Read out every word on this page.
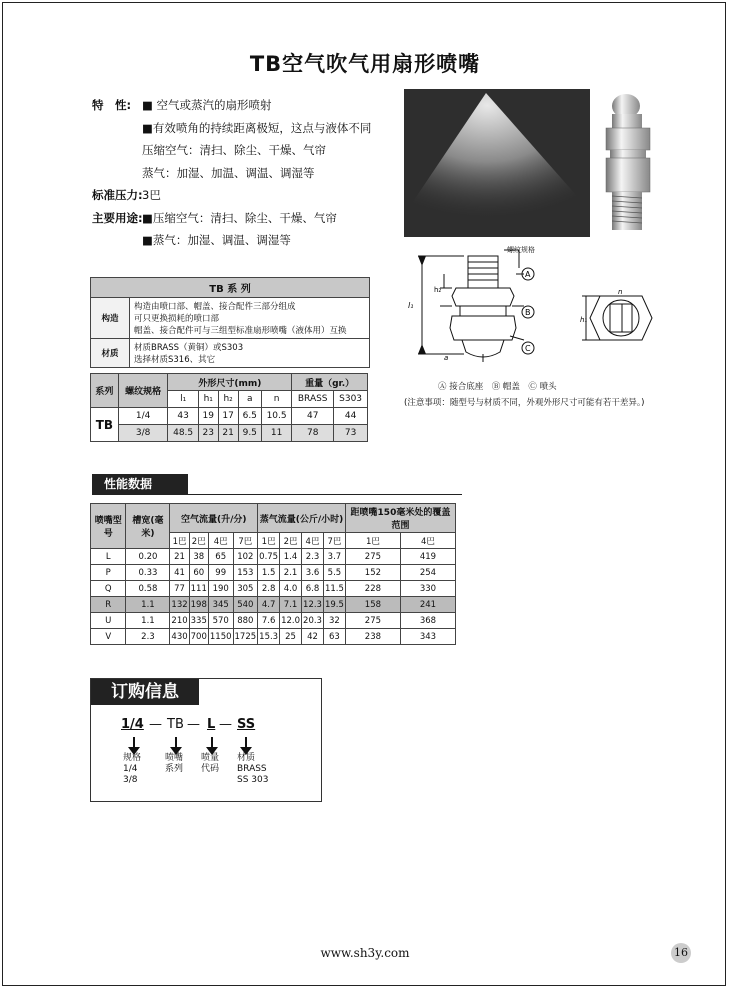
TB空气吹气用扇形喷嘴
特　性: ■ 空气或蒸汽的扇形喷射
■有效喷角的持续距离极短，这点与液体不同
压缩空气：清扫、除尘、干燥、气帘
蒸气：加湿、加温、调温、调湿等
标准压力:3巴
主要用途:■压缩空气：清扫、除尘、干燥、气帘
■蒸气：加湿、调温、调湿等
螺纹规格
A
B
C
l₁
h₂
a
h₁
n
Ⓐ 接合底座　Ⓑ 帽盖　Ⓒ 喷头
(注意事项：随型号与材质不同，外观外形尺寸可能有若干差异。)
TB 系 列	
构造	构造由喷口部、帽盖、接合配件三部分组成
可只更换损耗的喷口部
帽盖、接合配件可与三组型标准扇形喷嘴（液体用）互换

材质	材质BRASS（黄铜）或S303
选择材质S316、其它
系列	螺纹规格	外形尺寸(mm)					重量（gr.）	
		l₁	h₁	h₂	a	n	BRASS	S303
TB	1/4	43	19	17	6.5	10.5	47	44
	3/8	48.5	23	21	9.5	11	78	73
性能数据
喷嘴型号	槽宽(毫米)	空气流量(升/分)				蒸气流量(公斤/小时)				距喷嘴150毫米处的覆盖范围	
		1巴	2巴	4巴	7巴	1巴	2巴	4巴	7巴	1巴	4巴
L	0.20	21	38	65	102	0.75	1.4	2.3	3.7	275	419
P	0.33	41	60	99	153	1.5	2.1	3.6	5.5	152	254
Q	0.58	77	111	190	305	2.8	4.0	6.8	11.5	228	330
R	1.1	132	198	345	540	4.7	7.1	12.3	19.5	158	241
U	1.1	210	335	570	880	7.6	12.0	20.3	32	275	368
V	2.3	430	700	1150	1725	15.3	25	42	63	238	343
订购信息
1/4 — TB — L — SS
规格
1/4
3/8
喷嘴
系列
喷量
代码
材质
BRASS
SS 303
www.sh3y.com	16
